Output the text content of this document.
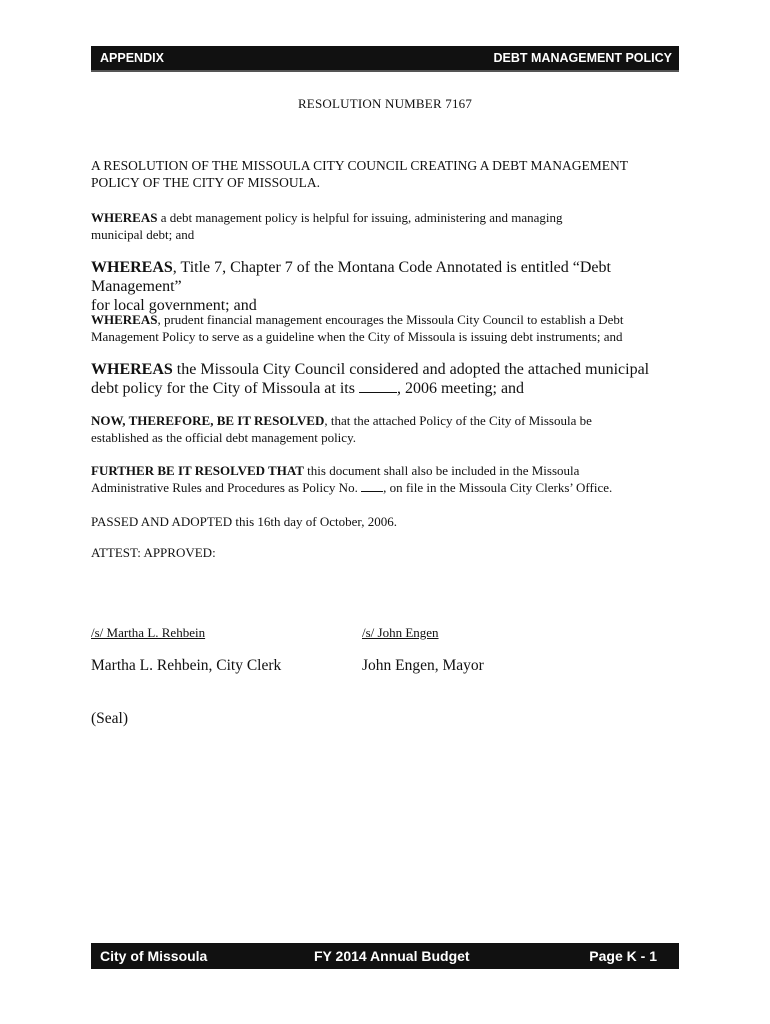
APPENDIX	DEBT MANAGEMENT POLICY
RESOLUTION NUMBER 7167
A RESOLUTION OF THE MISSOULA CITY COUNCIL CREATING A DEBT MANAGEMENT
POLICY OF THE CITY OF MISSOULA.
WHEREAS a debt management policy is helpful for issuing, administering and managing
municipal debt; and
WHEREAS, Title 7, Chapter 7 of the Montana Code Annotated is entitled “Debt Management”
for local government; and
WHEREAS, prudent financial management encourages the Missoula City Council to establish a Debt
Management Policy to serve as a guideline when the City of Missoula is issuing debt instruments; and
WHEREAS the Missoula City Council considered and adopted the attached municipal
debt policy for the City of Missoula at its , 2006 meeting; and
NOW, THEREFORE, BE IT RESOLVED, that the attached Policy of the City of Missoula be
established as the official debt management policy.
FURTHER BE IT RESOLVED THAT this document shall also be included in the Missoula
Administrative Rules and Procedures as Policy No. , on file in the Missoula City Clerks’ Office.
PASSED AND ADOPTED this 16th day of October, 2006.
ATTEST: APPROVED:
/s/ Martha L. Rehbein	/s/ John Engen
Martha L. Rehbein, City Clerk	John Engen, Mayor
(Seal)
City of Missoula	FY 2014 Annual Budget	Page K - 1
